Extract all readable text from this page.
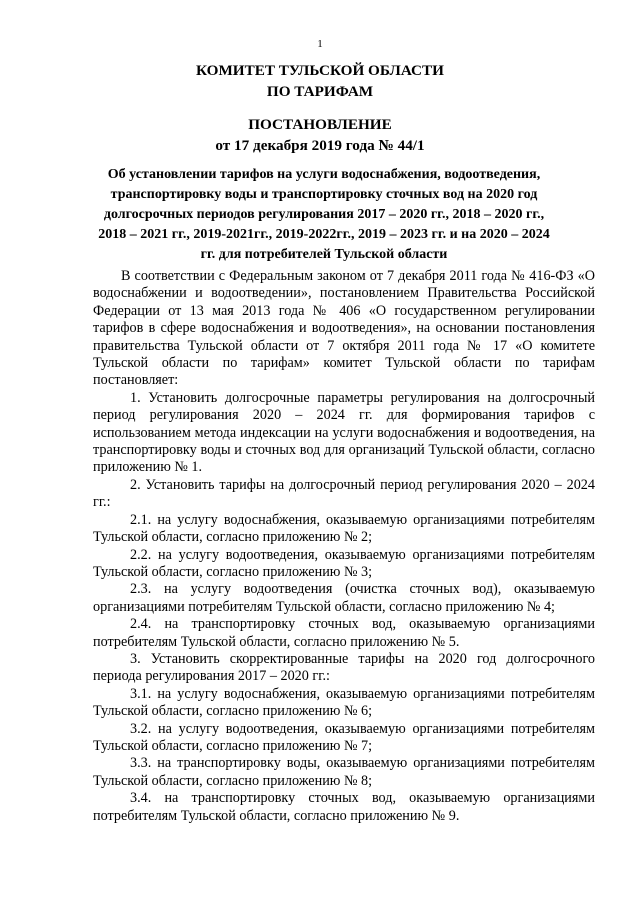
1
КОМИТЕТ ТУЛЬСКОЙ ОБЛАСТИ
ПО ТАРИФАМ
ПОСТАНОВЛЕНИЕ
от 17 декабря 2019 года № 44/1
Об установлении тарифов на услуги водоснабжения, водоотведения, транспортировку воды и транспортировку сточных вод на 2020 год долгосрочных периодов регулирования 2017 – 2020 гг., 2018 – 2020 гг., 2018 – 2021 гг., 2019-2021гг., 2019-2022гг., 2019 – 2023 гг. и на 2020 – 2024 гг. для потребителей Тульской области

В соответствии с Федеральным законом от 7 декабря 2011 года № 416-ФЗ «О водоснабжении и водоотведении», постановлением Правительства Российской Федерации от 13 мая 2013 года № 406 «О государственном регулировании тарифов в сфере водоснабжения и водоотведения», на основании постановления правительства Тульской области от 7 октября 2011 года № 17 «О комитете Тульской области по тарифам» комитет Тульской области по тарифам постановляет:

1. Установить долгосрочные параметры регулирования на долгосрочный период регулирования 2020 – 2024 гг. для формирования тарифов с использованием метода индексации на услуги водоснабжения и водоотведения, на транспортировку воды и сточных вод для организаций Тульской области, согласно приложению № 1.

2. Установить тарифы на долгосрочный период регулирования 2020 – 2024 гг.:

2.1. на услугу водоснабжения, оказываемую организациями потребителям Тульской области, согласно приложению № 2;

2.2. на услугу водоотведения, оказываемую организациями потребителям Тульской области, согласно приложению № 3;

2.3. на услугу водоотведения (очистка сточных вод), оказываемую организациями потребителям Тульской области, согласно приложению № 4;

2.4. на транспортировку сточных вод, оказываемую организациями потребителям Тульской области, согласно приложению № 5.

3. Установить скорректированные тарифы на 2020 год долгосрочного периода регулирования 2017 – 2020 гг.:

3.1. на услугу водоснабжения, оказываемую организациями потребителям Тульской области, согласно приложению № 6;

3.2. на услугу водоотведения, оказываемую организациями потребителям Тульской области, согласно приложению № 7;

3.3. на транспортировку воды, оказываемую организациями потребителям Тульской области, согласно приложению № 8;

3.4. на транспортировку сточных вод, оказываемую организациями потребителям Тульской области, согласно приложению № 9.
